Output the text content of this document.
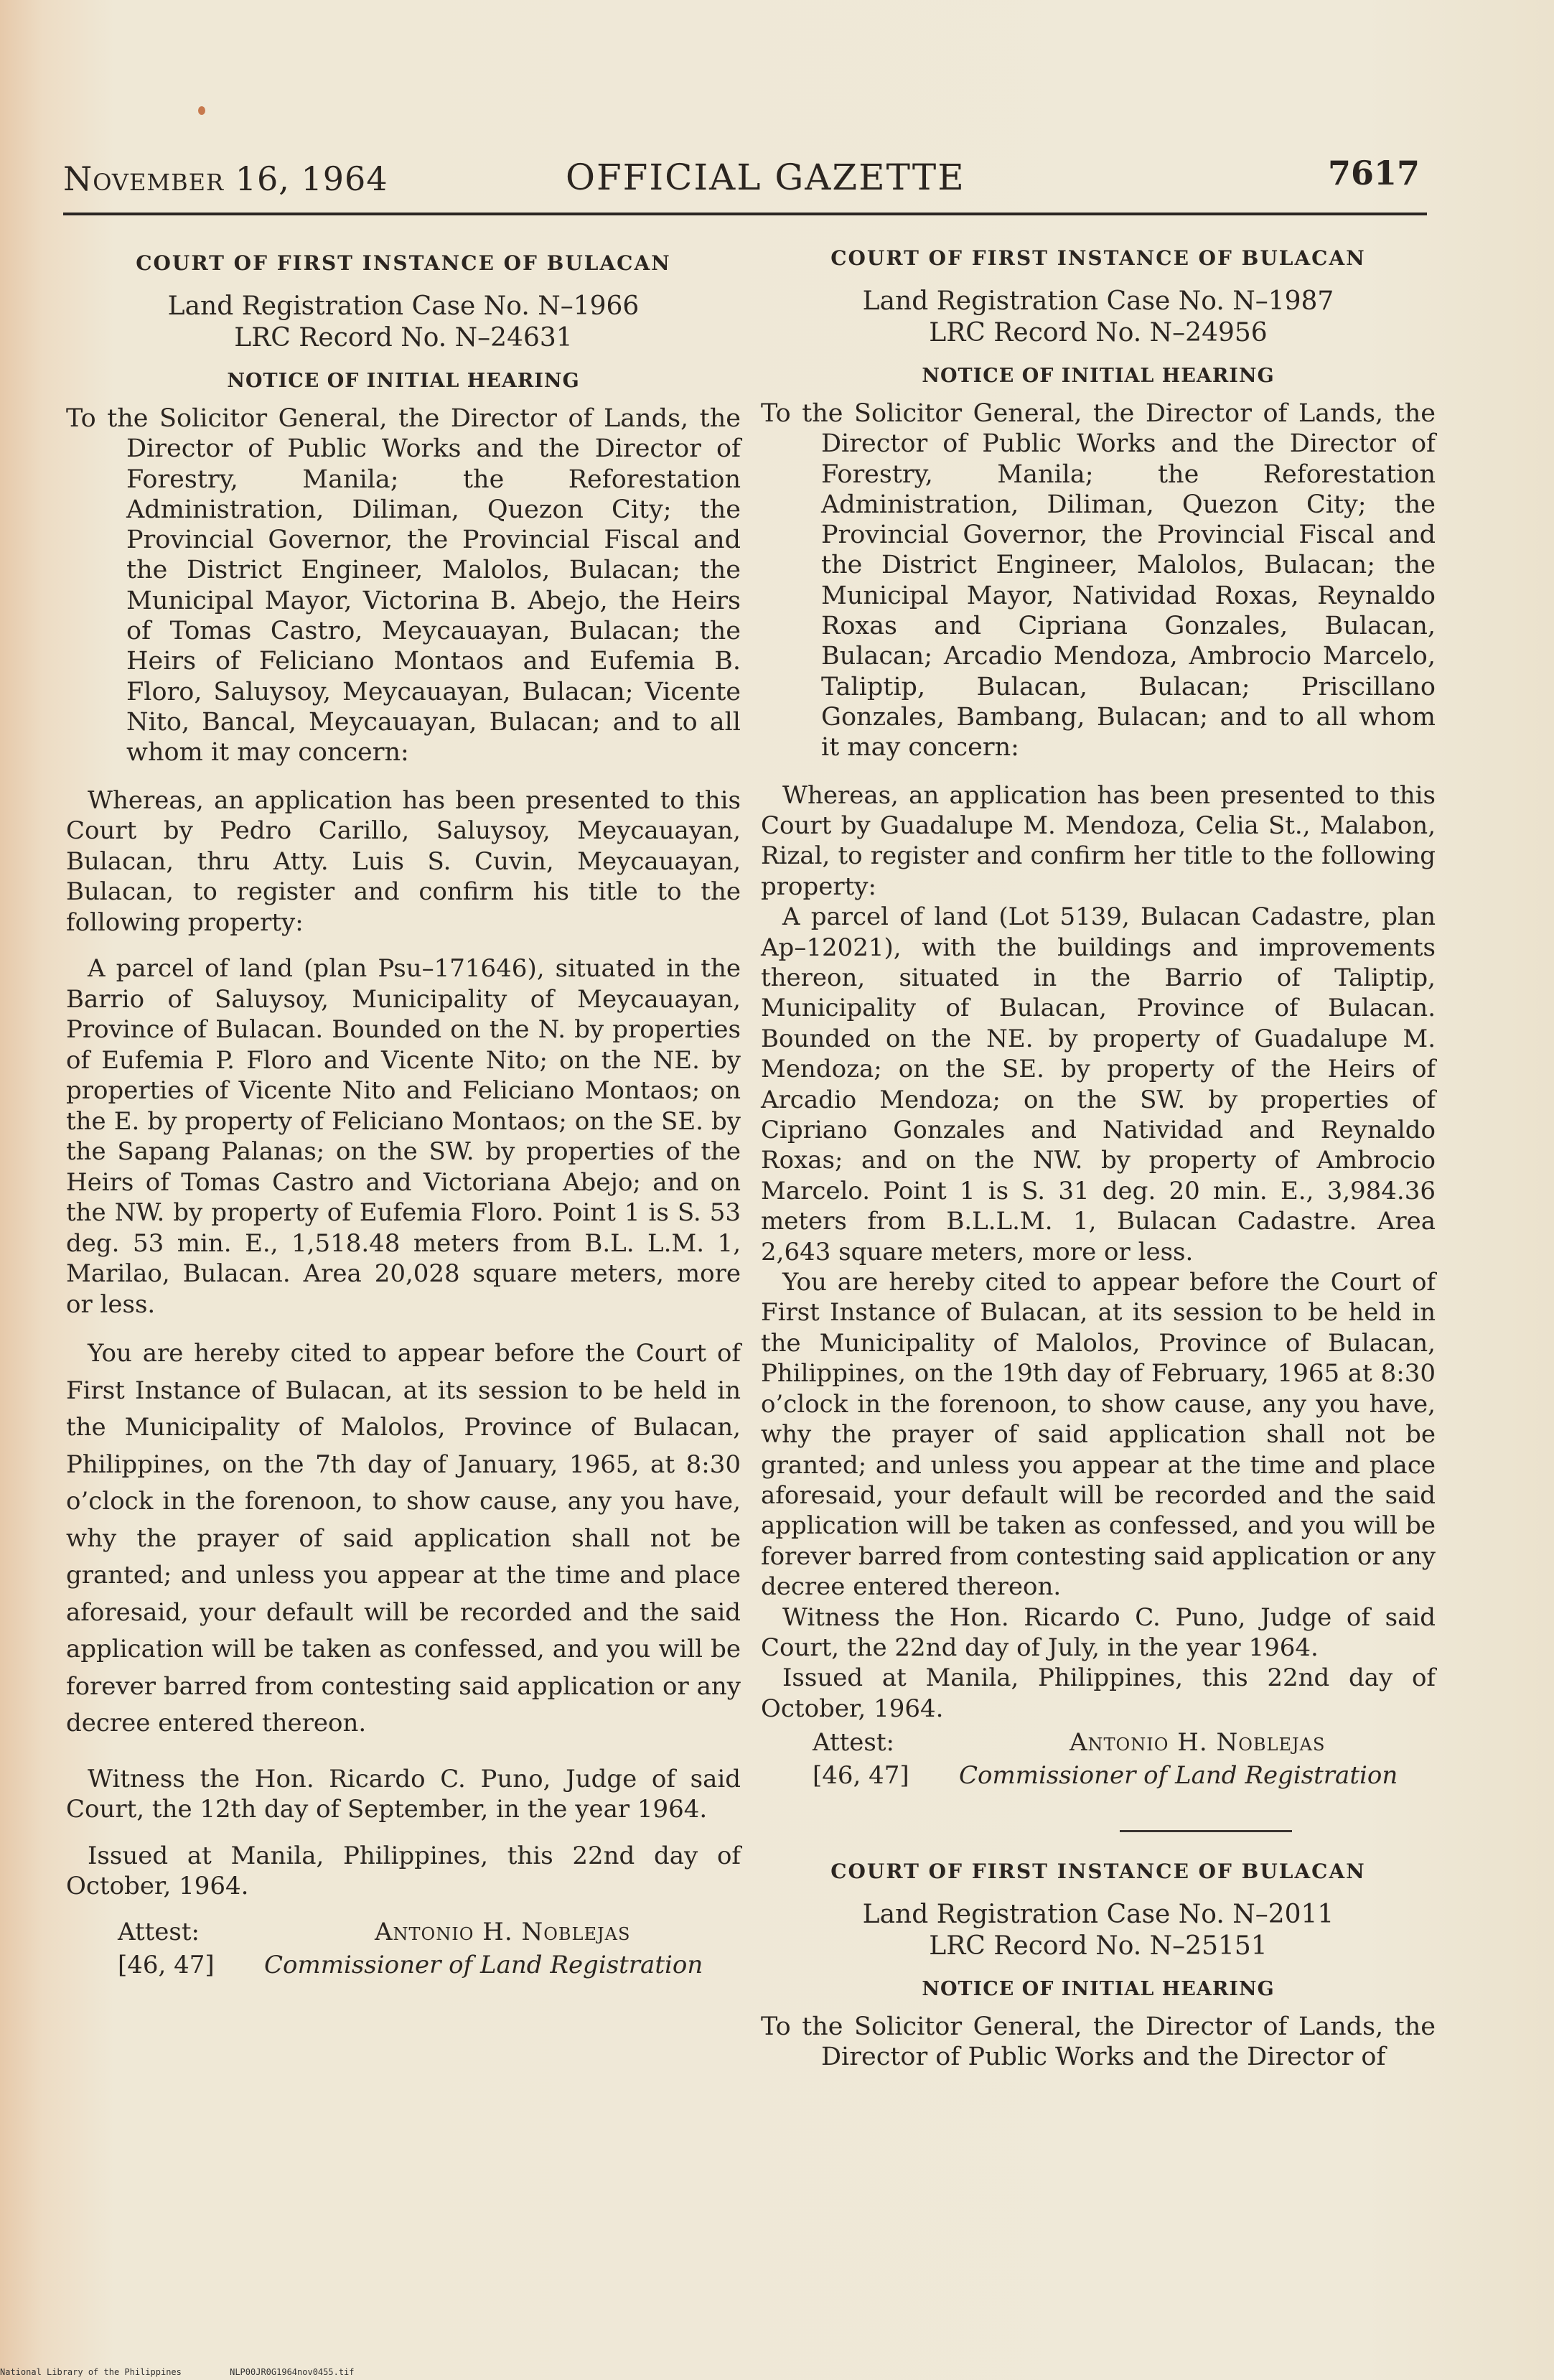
November 16, 1964	OFFICIAL GAZETTE	7617
COURT OF FIRST INSTANCE OF BULACAN
Land Registration Case No. N–1966
LRC Record No. N–24631
NOTICE OF INITIAL HEARING

To the Solicitor General, the Director of Lands, the Director of Public Works and the Director of Forestry, Manila; the Reforestation Administration, Diliman, Quezon City; the Provincial Governor, the Provincial Fiscal and the District Engineer, Malolos, Bulacan; the Municipal Mayor, Victorina B. Abejo, the Heirs of Tomas Castro, Meycauayan, Bulacan; the Heirs of Feliciano Montaos and Eufemia B. Floro, Saluysoy, Meycauayan, Bulacan; Vicente Nito, Bancal, Meycauayan, Bulacan; and to all whom it may concern:

Whereas, an application has been presented to this Court by Pedro Carillo, Saluysoy, Meycauayan, Bulacan, thru Atty. Luis S. Cuvin, Meycauayan, Bulacan, to register and confirm his title to the following property:

A parcel of land (plan Psu–171646), situated in the Barrio of Saluysoy, Municipality of Meycauayan, Province of Bulacan. Bounded on the N. by properties of Eufemia P. Floro and Vicente Nito; on the NE. by properties of Vicente Nito and Feliciano Montaos; on the E. by property of Feliciano Montaos; on the SE. by the Sapang Palanas; on the SW. by properties of the Heirs of Tomas Castro and Victoriana Abejo; and on the NW. by property of Eufemia Floro. Point 1 is S. 53 deg. 53 min. E., 1,518.48 meters from B.L. L.M. 1, Marilao, Bulacan. Area 20,028 square meters, more or less.

You are hereby cited to appear before the Court of First Instance of Bulacan, at its session to be held in the Municipality of Malolos, Province of Bulacan, Philippines, on the 7th day of January, 1965, at 8:30 o’clock in the forenoon, to show cause, any you have, why the prayer of said application shall not be granted; and unless you appear at the time and place aforesaid, your default will be recorded and the said application will be taken as confessed, and you will be forever barred from contesting said application or any decree entered thereon.

Witness the Hon. Ricardo C. Puno, Judge of said Court, the 12th day of September, in the year 1964.

Issued at Manila, Philippines, this 22nd day of October, 1964.

Attest:	Antonio H. Noblejas
[46, 47] Commissioner of Land Registration
COURT OF FIRST INSTANCE OF BULACAN
Land Registration Case No. N–1987
LRC Record No. N–24956
NOTICE OF INITIAL HEARING

To the Solicitor General, the Director of Lands, the Director of Public Works and the Director of Forestry, Manila; the Reforestation Administration, Diliman, Quezon City; the Provincial Governor, the Provincial Fiscal and the District Engineer, Malolos, Bulacan; the Municipal Mayor, Natividad Roxas, Reynaldo Roxas and Cipriana Gonzales, Bulacan, Bulacan; Arcadio Mendoza, Ambrocio Marcelo, Taliptip, Bulacan, Bulacan; Priscillano Gonzales, Bambang, Bulacan; and to all whom it may concern:

Whereas, an application has been presented to this Court by Guadalupe M. Mendoza, Celia St., Malabon, Rizal, to register and confirm her title to the following property:

A parcel of land (Lot 5139, Bulacan Cadastre, plan Ap–12021), with the buildings and improvements thereon, situated in the Barrio of Taliptip, Municipality of Bulacan, Province of Bulacan. Bounded on the NE. by property of Guadalupe M. Mendoza; on the SE. by property of the Heirs of Arcadio Mendoza; on the SW. by properties of Cipriano Gonzales and Natividad and Reynaldo Roxas; and on the NW. by property of Ambrocio Marcelo. Point 1 is S. 31 deg. 20 min. E., 3,984.36 meters from B.L.L.M. 1, Bulacan Cadastre. Area 2,643 square meters, more or less.

You are hereby cited to appear before the Court of First Instance of Bulacan, at its session to be held in the Municipality of Malolos, Province of Bulacan, Philippines, on the 19th day of February, 1965 at 8:30 o’clock in the forenoon, to show cause, any you have, why the prayer of said application shall not be granted; and unless you appear at the time and place aforesaid, your default will be recorded and the said application will be taken as confessed, and you will be forever barred from contesting said application or any decree entered thereon.

Witness the Hon. Ricardo C. Puno, Judge of said Court, the 22nd day of July, in the year 1964.

Issued at Manila, Philippines, this 22nd day of October, 1964.

Attest:	Antonio H. Noblejas
[46, 47] Commissioner of Land Registration
COURT OF FIRST INSTANCE OF BULACAN
Land Registration Case No. N–2011
LRC Record No. N–25151
NOTICE OF INITIAL HEARING

To the Solicitor General, the Director of Lands, the Director of Public Works and the Director of

National Library of the Philippines	NLP00JR0G1964nov0455.tif
